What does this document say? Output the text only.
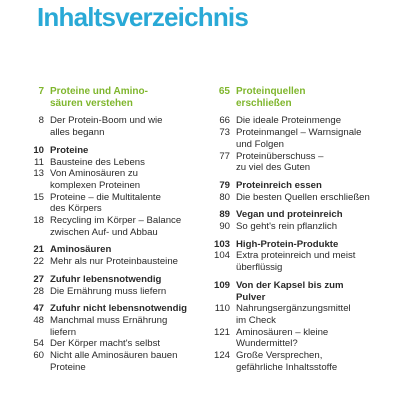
Inhaltsverzeichnis
7 Proteine und Amino-
säuren verstehen
8 Der Protein-Boom und wie
alles begann
10 Proteine
11 Bausteine des Lebens
13 Von Aminosäuren zu
komplexen Proteinen
15 Proteine – die Multitalente
des Körpers
18 Recycling im Körper – Balance
zwischen Auf- und Abbau
21 Aminosäuren
22 Mehr als nur Proteinbausteine
27 Zufuhr lebensnotwendig
28 Die Ernährung muss liefern
47 Zufuhr nicht lebensnotwendig
48 Manchmal muss Ernährung
liefern
54 Der Körper macht's selbst
60 Nicht alle Aminosäuren bauen
Proteine
65 Proteinquellen
erschließen
66 Die ideale Proteinmenge
73 Proteinmangel – Warnsignale
und Folgen
77 Proteinüberschuss –
zu viel des Guten
79 Proteinreich essen
80 Die besten Quellen erschließen
89 Vegan und proteinreich
90 So geht's rein pflanzlich
103 High-Protein-Produkte
104 Extra proteinreich und meist
überflüssig
109 Von der Kapsel bis zum
Pulver
110 Nahrungsergänzungsmittel
im Check
121 Aminosäuren – kleine
Wundermittel?
124 Große Versprechen,
gefährliche Inhaltsstoffe
